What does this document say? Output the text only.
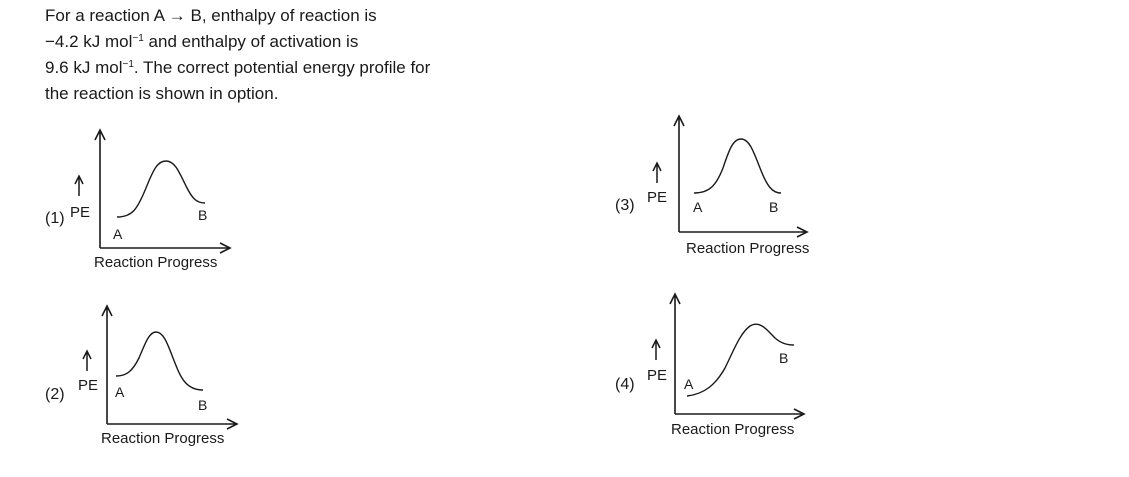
For a reaction A → B, enthalpy of reaction is
−4.2 kJ mol$^{-1}$ and enthalpy of activation is
9.6 kJ mol$^{-1}$. The correct potential energy profile for
the reaction is shown in option.
(1) PE
A
B
Reaction Progress
(2)
PE A
B
Reaction Progress
(3) PE
A	B
Reaction Progress
(4)
PE A
B
Reaction Progress
